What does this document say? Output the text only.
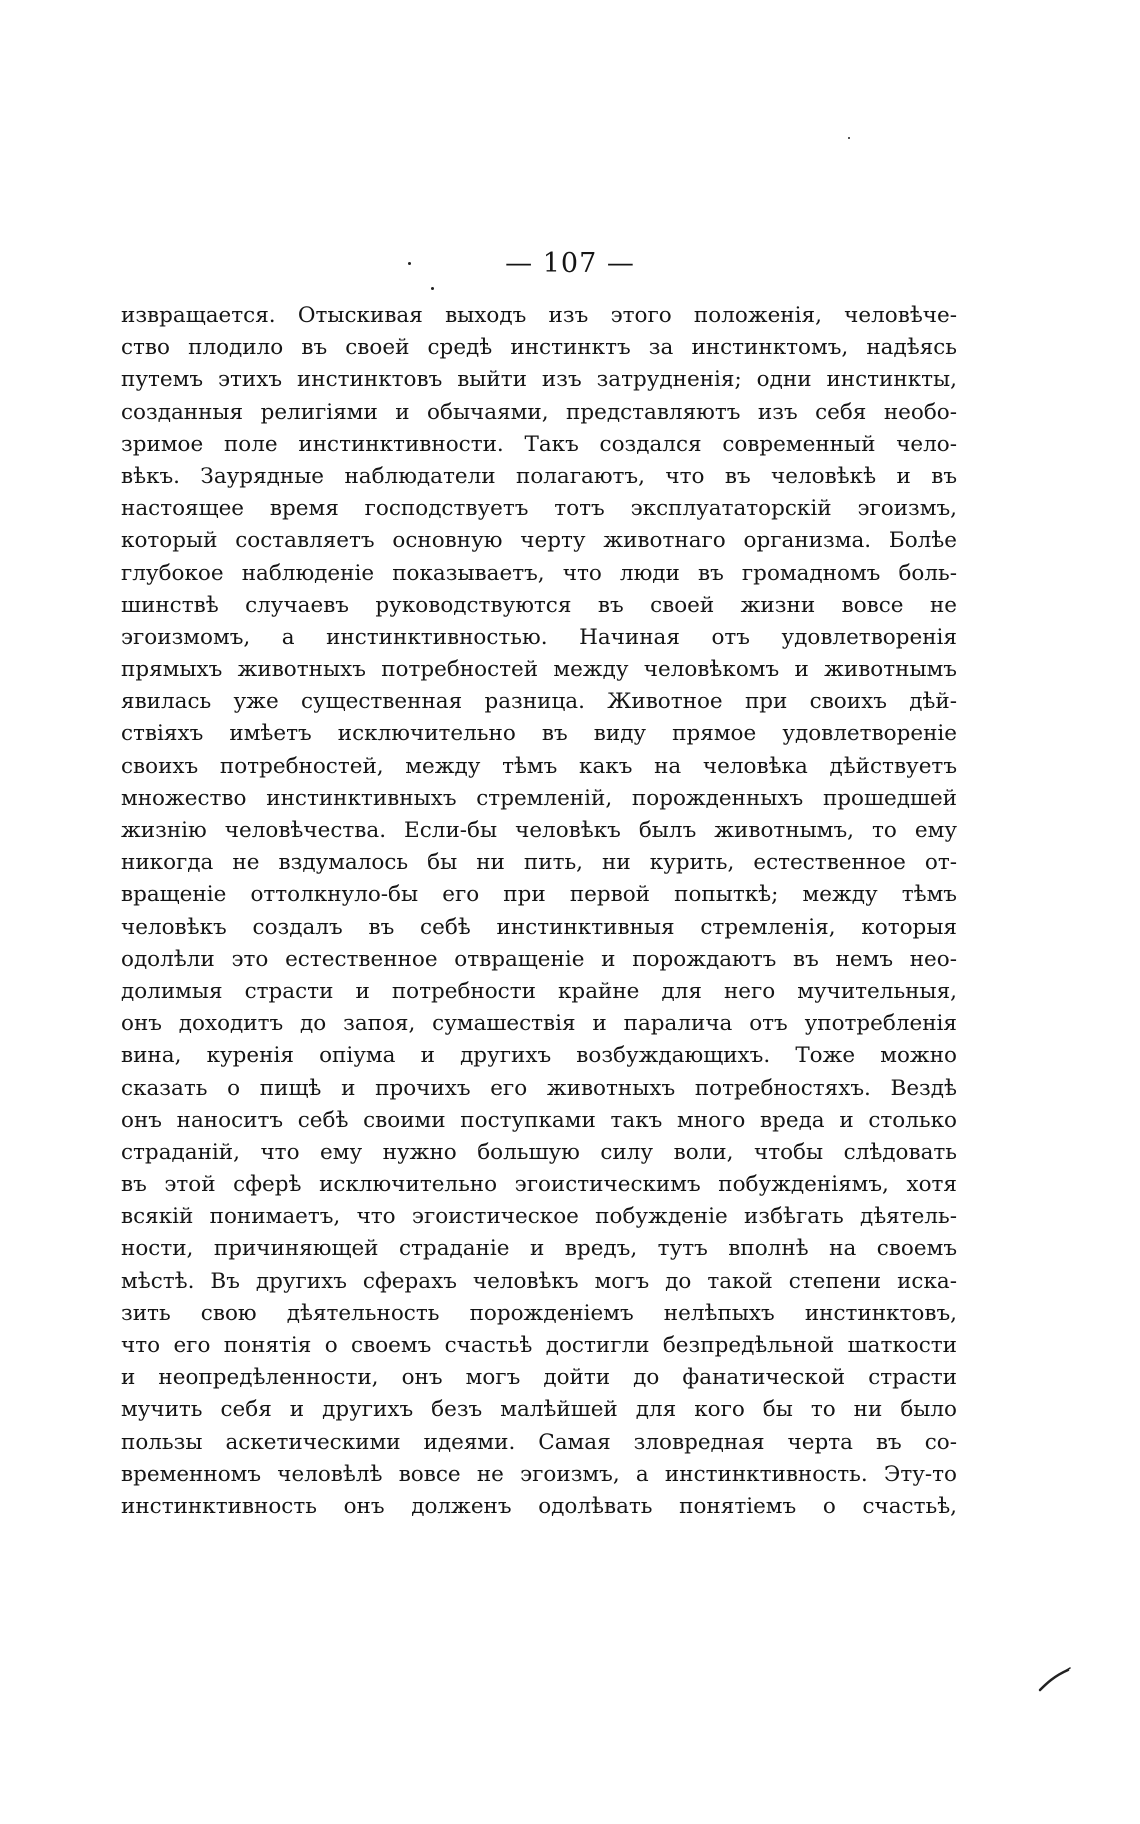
— 107 —
извращается. Отыскивая выходъ изъ этого положенія, человѣче-
ство плодило въ своей средѣ инстинктъ за инстинктомъ, надѣясь
путемъ этихъ инстинктовъ выйти изъ затрудненія; одни инстинкты,
созданныя религіями и обычаями, представляютъ изъ себя необо-
зримое поле инстинктивности. Такъ создался современный чело-
вѣкъ. Заурядные наблюдатели полагаютъ, что въ человѣкѣ и въ
настоящее время господствуетъ тотъ эксплуататорскій эгоизмъ,
который составляетъ основную черту животнаго организма. Болѣе
глубокое наблюденіе показываетъ, что люди въ громадномъ боль-
шинствѣ случаевъ руководствуются въ своей жизни вовсе не
эгоизмомъ, а инстинктивностью. Начиная отъ удовлетворенія
прямыхъ животныхъ потребностей между человѣкомъ и животнымъ
явилась уже существенная разница. Животное при своихъ дѣй-
ствіяхъ имѣетъ исключительно въ виду прямое удовлетвореніе
своихъ потребностей, между тѣмъ какъ на человѣка дѣйствуетъ
множество инстинктивныхъ стремленій, порожденныхъ прошедшей
жизнію человѣчества. Если-бы человѣкъ былъ животнымъ, то ему
никогда не вздумалось бы ни пить, ни курить, естественное от-
вращеніе оттолкнуло-бы его при первой попыткѣ; между тѣмъ
человѣкъ создалъ въ себѣ инстинктивныя стремленія, которыя
одолѣли это естественное отвращеніе и порождаютъ въ немъ нео-
долимыя страсти и потребности крайне для него мучительныя,
онъ доходитъ до запоя, сумашествія и паралича отъ употребленія
вина, куренія опіума и другихъ возбуждающихъ. Тоже можно
сказать о пищѣ и прочихъ его животныхъ потребностяхъ. Вездѣ
онъ наноситъ себѣ своими поступками такъ много вреда и столько
страданій, что ему нужно большую силу воли, чтобы слѣдовать
въ этой сферѣ исключительно эгоистическимъ побужденіямъ, хотя
всякій понимаетъ, что эгоистическое побужденіе избѣгать дѣятель-
ности, причиняющей страданіе и вредъ, тутъ вполнѣ на своемъ
мѣстѣ. Въ другихъ сферахъ человѣкъ могъ до такой степени иска-
зить свою дѣятельность порожденіемъ нелѣпыхъ инстинктовъ,
что его понятія о своемъ счастьѣ достигли безпредѣльной шаткости
и неопредѣленности, онъ могъ дойти до фанатической страсти
мучить себя и другихъ безъ малѣйшей для кого бы то ни было
пользы аскетическими идеями. Самая зловредная черта въ со-
временномъ человѣлѣ вовсе не эгоизмъ, а инстинктивность. Эту-то
инстинктивность онъ долженъ одолѣвать понятіемъ о счастьѣ,
